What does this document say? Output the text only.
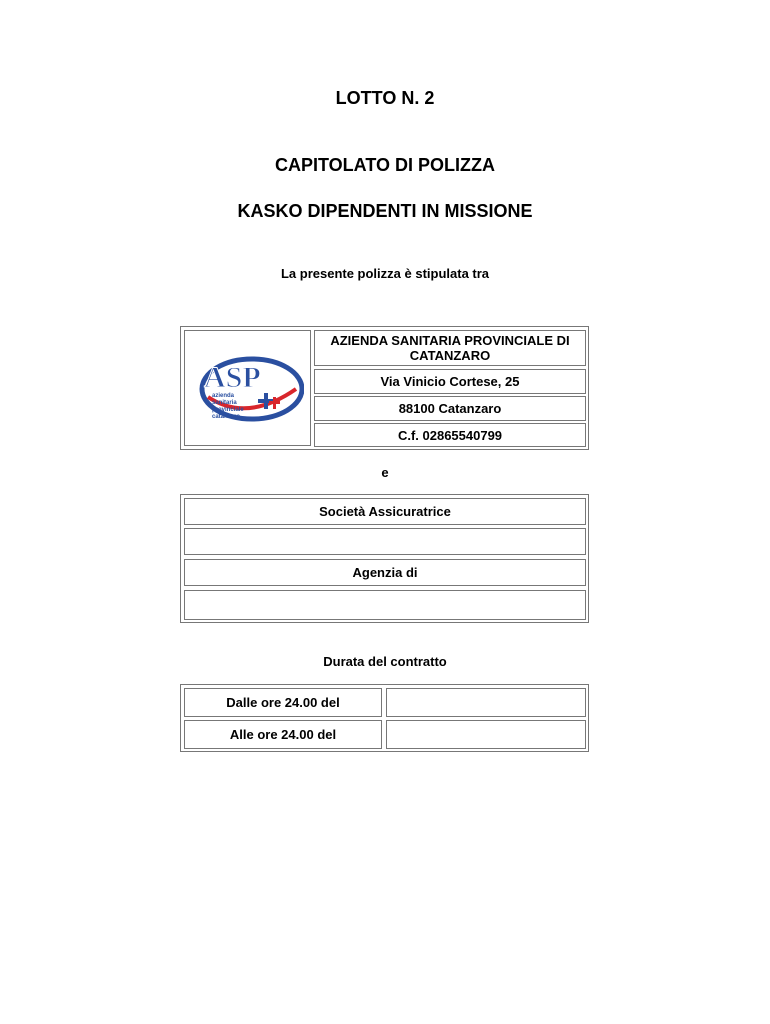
LOTTO N. 2
CAPITOLATO DI POLIZZA
KASKO DIPENDENTI IN MISSIONE
La presente polizza è stipulata tra
ASP
azienda
sanitaria
provinciale
catanzaro
AZIENDA SANITARIA PROVINCIALE DI CATANZARO
Via Vinicio Cortese, 25
88100 Catanzaro
C.f. 02865540799
e
Società Assicuratrice
Agenzia di
Durata del contratto
Dalle ore 24.00 del
Alle ore 24.00 del
